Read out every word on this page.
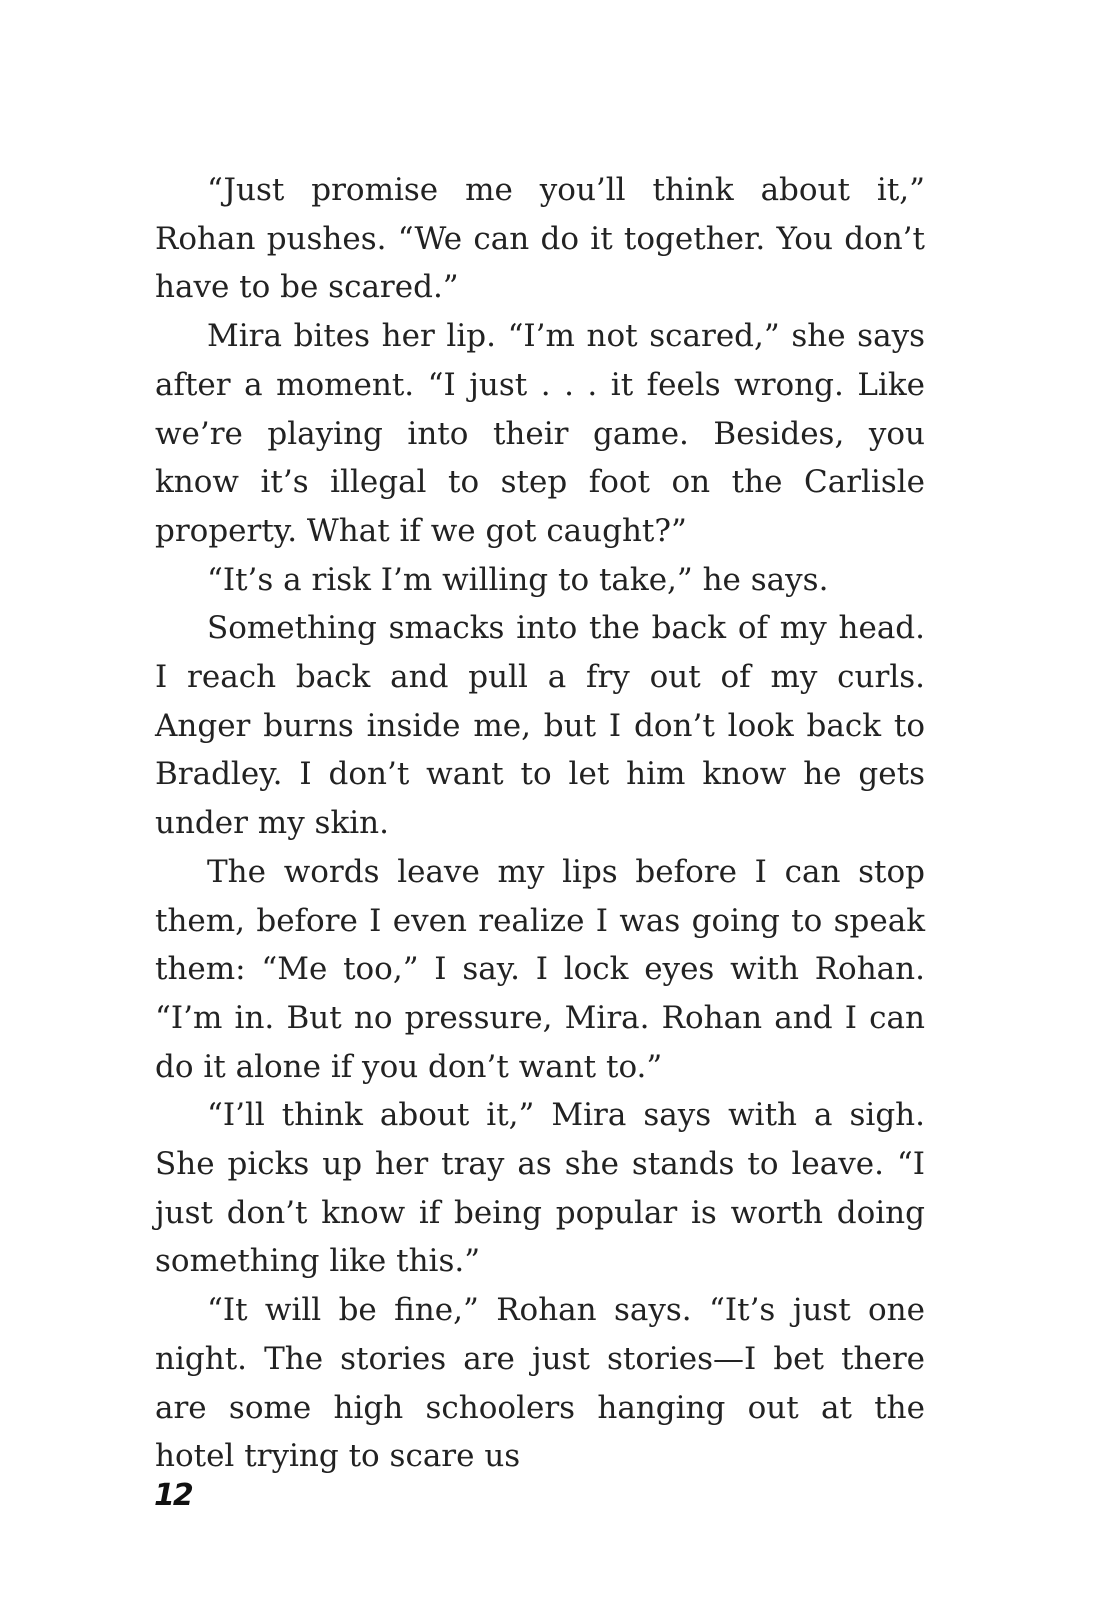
“Just promise me you’ll think about it,” Rohan pushes. “We can do it together. You don’t have to be scared.”

Mira bites her lip. “I’m not scared,” she says after a moment. “I just . . . it feels wrong. Like we’re playing into their game. Besides, you know it’s illegal to step foot on the Carlisle property. What if we got caught?”

“It’s a risk I’m willing to take,” he says.

Something smacks into the back of my head. I reach back and pull a fry out of my curls. Anger burns inside me, but I don’t look back to Bradley. I don’t want to let him know he gets under my skin.

The words leave my lips before I can stop them, before I even realize I was going to speak them: “Me too,” I say. I lock eyes with Rohan. “I’m in. But no pressure, Mira. Rohan and I can do it alone if you don’t want to.”

“I’ll think about it,” Mira says with a sigh. She picks up her tray as she stands to leave. “I just don’t know if being popular is worth doing something like this.”

“It will be fine,” Rohan says. “It’s just one night. The stories are just stories—I bet there are some high schoolers hanging out at the hotel trying to scare us

12
